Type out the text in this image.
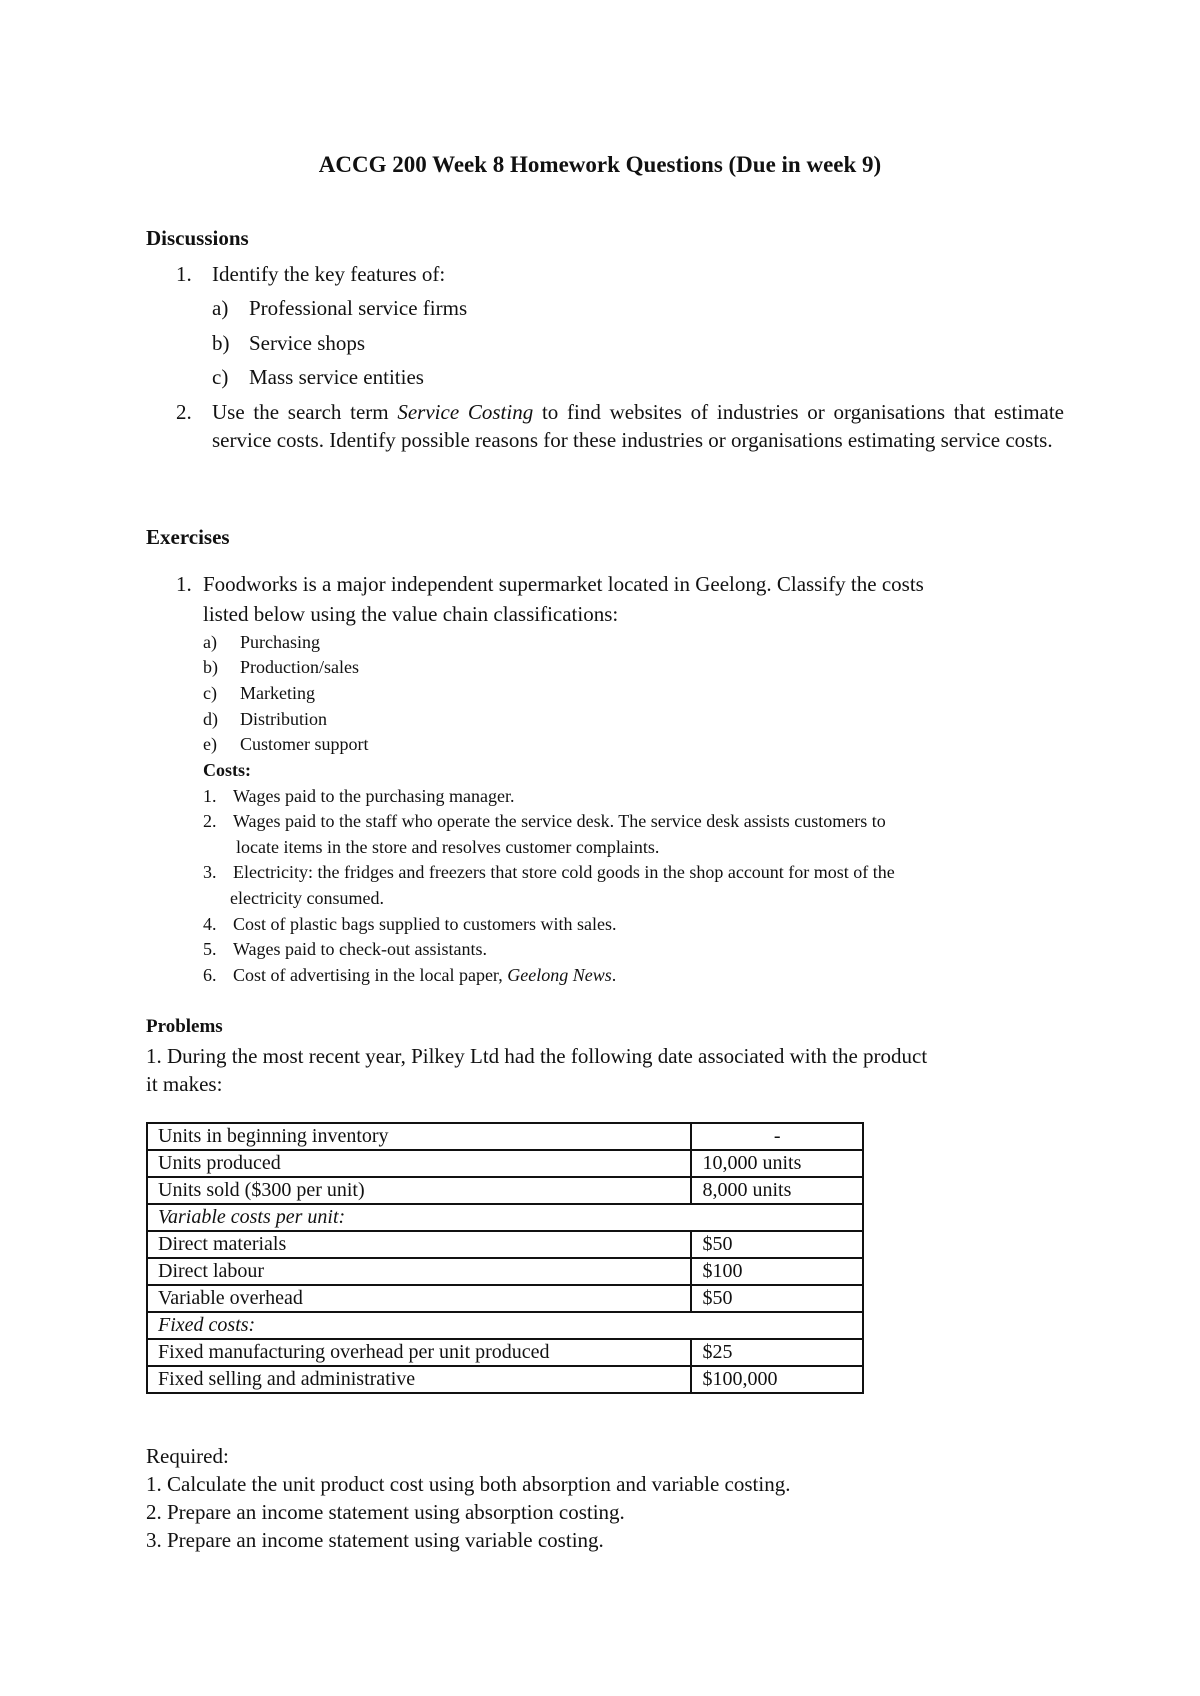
ACCG 200 Week 8 Homework Questions (Due in week 9)
Discussions
1. Identify the key features of:
a) Professional service firms
b) Service shops
c) Mass service entities
2. Use the search term Service Costing to find websites of industries or organisations that estimate service costs. Identify possible reasons for these industries or organisations estimating service costs.
Exercises
1. Foodworks is a major independent supermarket located in Geelong. Classify the costs
listed below using the value chain classifications:
a) Purchasing
b) Production/sales
c) Marketing
d) Distribution
e) Customer support
Costs:
1. Wages paid to the purchasing manager.
2. Wages paid to the staff who operate the service desk. The service desk assists customers to
locate items in the store and resolves customer complaints.
3. Electricity: the fridges and freezers that store cold goods in the shop account for most of the
electricity consumed.
4. Cost of plastic bags supplied to customers with sales.
5. Wages paid to check-out assistants.
6. Cost of advertising in the local paper, Geelong News.
Problems
1. During the most recent year, Pilkey Ltd had the following date associated with the product
it makes:
Units in beginning inventory	-
Units produced	10,000 units
Units sold ($300 per unit)	8,000 units
Variable costs per unit:	
Direct materials	$50
Direct labour	$100
Variable overhead	$50
Fixed costs:	
Fixed manufacturing overhead per unit produced	$25
Fixed selling and administrative	$100,000
Required:
1. Calculate the unit product cost using both absorption and variable costing.
2. Prepare an income statement using absorption costing.
3. Prepare an income statement using variable costing.
